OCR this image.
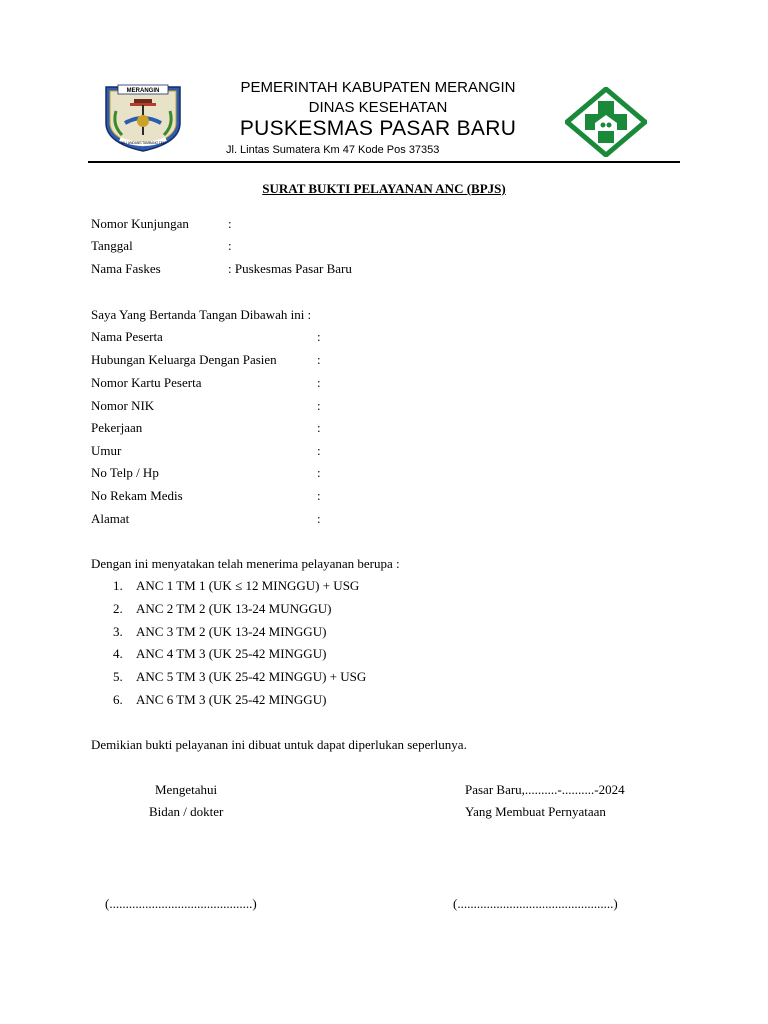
MERANGIN
TALI UNDANG TAMBANG TELI
PEMERINTAH KABUPATEN MERANGIN
DINAS KESEHATAN
PUSKESMAS PASAR BARU
Jl. Lintas Sumatera Km 47 Kode Pos 37353
SURAT BUKTI PELAYANAN ANC (BPJS)
Nomor Kunjungan	:
Tanggal	:
Nama Faskes	: Puskesmas Pasar Baru
Saya Yang Bertanda Tangan Dibawah ini :
Nama Peserta	:
Hubungan Keluarga Dengan Pasien	:
Nomor Kartu Peserta	:
Nomor NIK	:
Pekerjaan	:
Umur	:
No Telp / Hp	:
No Rekam Medis	:
Alamat	:
Dengan ini menyatakan telah menerima pelayanan berupa :
1. ANC 1 TM 1 (UK ≤ 12 MINGGU) + USG
2. ANC 2 TM 2 (UK 13-24 MUNGGU)
3. ANC 3 TM 2 (UK 13-24 MINGGU)
4. ANC 4 TM 3 (UK 25-42 MINGGU)
5. ANC 5 TM 3 (UK 25-42 MINGGU) + USG
6. ANC 6 TM 3 (UK 25-42 MINGGU)
Demikian bukti pelayanan ini dibuat untuk dapat diperlukan seperlunya.
Mengetahui
Bidan / dokter
(............................................)
Pasar Baru,..........-..........-2024
Yang Membuat Pernyataan
(................................................)
